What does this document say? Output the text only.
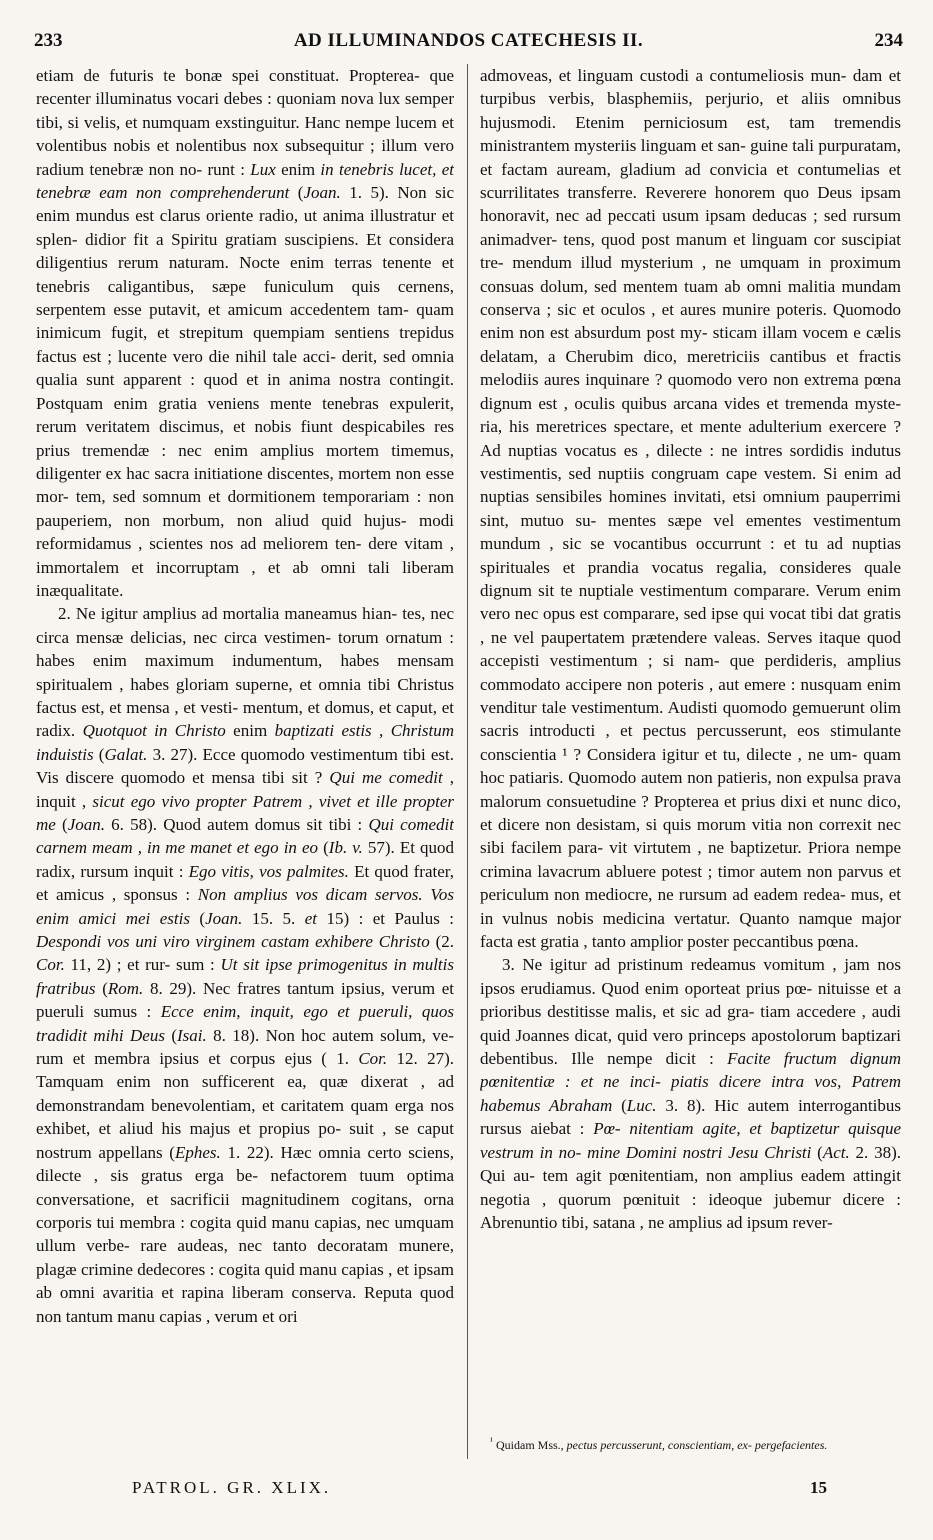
233	AD ILLUMINANDOS CATECHESIS II.	234

etiam de futuris te bonæ spei constituat. Propterea- que recenter illuminatus vocari debes : quoniam nova lux semper tibi, si velis, et numquam exstinguitur. Hanc nempe lucem et volentibus nobis et nolentibus nox subsequitur ; illum vero radium tenebræ non no- runt : Lux enim in tenebris lucet, et tenebræ eam non comprehenderunt (Joan. 1. 5). Non sic enim mundus est clarus oriente radio, ut anima illustratur et splen- didior fit a Spiritu gratiam suscipiens. Et considera diligentius rerum naturam. Nocte enim terras tenente et tenebris caligantibus, sæpe funiculum quis cernens, serpentem esse putavit, et amicum accedentem tam- quam inimicum fugit, et strepitum quempiam sentiens trepidus factus est ; lucente vero die nihil tale acci- derit, sed omnia qualia sunt apparent : quod et in anima nostra contingit. Postquam enim gratia veniens mente tenebras expulerit, rerum veritatem discimus, et nobis fiunt despicabiles res prius tremendæ : nec enim amplius mortem timemus, diligenter ex hac sacra initiatione discentes, mortem non esse mor- tem, sed somnum et dormitionem temporariam : non pauperiem, non morbum, non aliud quid hujus- modi reformidamus , scientes nos ad meliorem ten- dere vitam , immortalem et incorruptam , et ab omni tali liberam inæqualitate.

2. Ne igitur amplius ad mortalia maneamus hian- tes, nec circa mensæ delicias, nec circa vestimen- torum ornatum : habes enim maximum indumentum, habes mensam spiritualem , habes gloriam superne, et omnia tibi Christus factus est, et mensa , et vesti- mentum, et domus, et caput, et radix. Quotquot in Christo enim baptizati estis , Christum induistis (Galat. 3. 27). Ecce quomodo vestimentum tibi est. Vis discere quomodo et mensa tibi sit ? Qui me comedit , inquit , sicut ego vivo propter Patrem , vivet et ille propter me (Joan. 6. 58). Quod autem domus sit tibi : Qui comedit carnem meam , in me manet et ego in eo (Ib. v. 57). Et quod radix, rursum inquit : Ego vitis, vos palmites. Et quod frater, et amicus , sponsus : Non amplius vos dicam servos. Vos enim amici mei estis (Joan. 15. 5. et 15) : et Paulus : Despondi vos uni viro virginem castam exhibere Christo (2. Cor. 11, 2) ; et rur- sum : Ut sit ipse primogenitus in multis fratribus (Rom. 8. 29). Nec fratres tantum ipsius, verum et pueruli sumus : Ecce enim, inquit, ego et pueruli, quos tradidit mihi Deus (Isai. 8. 18). Non hoc autem solum, ve- rum et membra ipsius et corpus ejus ( 1. Cor. 12. 27). Tamquam enim non sufficerent ea, quæ dixerat , ad demonstrandam benevolentiam, et caritatem quam erga nos exhibet, et aliud his majus et propius po- suit , se caput nostrum appellans (Ephes. 1. 22). Hæc omnia certo sciens, dilecte , sis gratus erga be- nefactorem tuum optima conversatione, et sacrificii magnitudinem cogitans, orna corporis tui membra : cogita quid manu capias, nec umquam ullum verbe- rare audeas, nec tanto decoratam munere, plagæ crimine dedecores : cogita quid manu capias , et ipsam ab omni avaritia et rapina liberam conserva. Reputa quod non tantum manu capias , verum et ori

admoveas, et linguam custodi a contumeliosis mun- dam et turpibus verbis, blasphemiis, perjurio, et aliis omnibus hujusmodi. Etenim perniciosum est, tam tremendis ministrantem mysteriis linguam et san- guine tali purpuratam, et factam auream, gladium ad convicia et contumelias et scurrilitates transferre. Reverere honorem quo Deus ipsam honoravit, nec ad peccati usum ipsam deducas ; sed rursum animadver- tens, quod post manum et linguam cor suscipiat tre- mendum illud mysterium , ne umquam in proximum consuas dolum, sed mentem tuam ab omni malitia mundam conserva ; sic et oculos , et aures munire poteris. Quomodo enim non est absurdum post my- sticam illam vocem e cælis delatam, a Cherubim dico, meretriciis cantibus et fractis melodiis aures inquinare ? quomodo vero non extrema pœna dignum est , oculis quibus arcana vides et tremenda myste- ria, his meretrices spectare, et mente adulterium exercere ? Ad nuptias vocatus es , dilecte : ne intres sordidis indutus vestimentis, sed nuptiis congruam cape vestem. Si enim ad nuptias sensibiles homines invitati, etsi omnium pauperrimi sint, mutuo su- mentes sæpe vel ementes vestimentum mundum , sic se vocantibus occurrunt : et tu ad nuptias spirituales et prandia vocatus regalia, consideres quale dignum sit te nuptiale vestimentum comparare. Verum enim vero nec opus est comparare, sed ipse qui vocat tibi dat gratis , ne vel paupertatem prætendere valeas. Serves itaque quod accepisti vestimentum ; si nam- que perdideris, amplius commodato accipere non poteris , aut emere : nusquam enim venditur tale vestimentum. Audisti quomodo gemuerunt olim sacris introducti , et pectus percusserunt, eos stimulante conscientia ¹ ? Considera igitur et tu, dilecte , ne um- quam hoc patiaris. Quomodo autem non patieris, non expulsa prava malorum consuetudine ? Propterea et prius dixi et nunc dico, et dicere non desistam, si quis morum vitia non correxit nec sibi facilem para- vit virtutem , ne baptizetur. Priora nempe crimina lavacrum abluere potest ; timor autem non parvus et periculum non mediocre, ne rursum ad eadem redea- mus, et in vulnus nobis medicina vertatur. Quanto namque major facta est gratia , tanto amplior poster peccantibus pœna.

3. Ne igitur ad pristinum redeamus vomitum , jam nos ipsos erudiamus. Quod enim oporteat prius pœ- nituisse et a prioribus destitisse malis, et sic ad gra- tiam accedere , audi quid Joannes dicat, quid vero princeps apostolorum baptizari debentibus. Ille nempe dicit : Facite fructum dignum pœnitentiæ : et ne inci- piatis dicere intra vos, Patrem habemus Abraham (Luc. 3. 8). Hic autem interrogantibus rursus aiebat : Pœ- nitentiam agite, et baptizetur quisque vestrum in no- mine Domini nostri Jesu Christi (Act. 2. 38). Qui au- tem agit pœnitentiam, non amplius eadem attingit negotia , quorum pœnituit : ideoque jubemur dicere : Abrenuntio tibi, satana , ne amplius ad ipsum rever-

$^{^1}$ Quidam Mss., pectus percusserunt, conscientiam, ex- pergefacientes.
PATROL. GR. XLIX.	15
